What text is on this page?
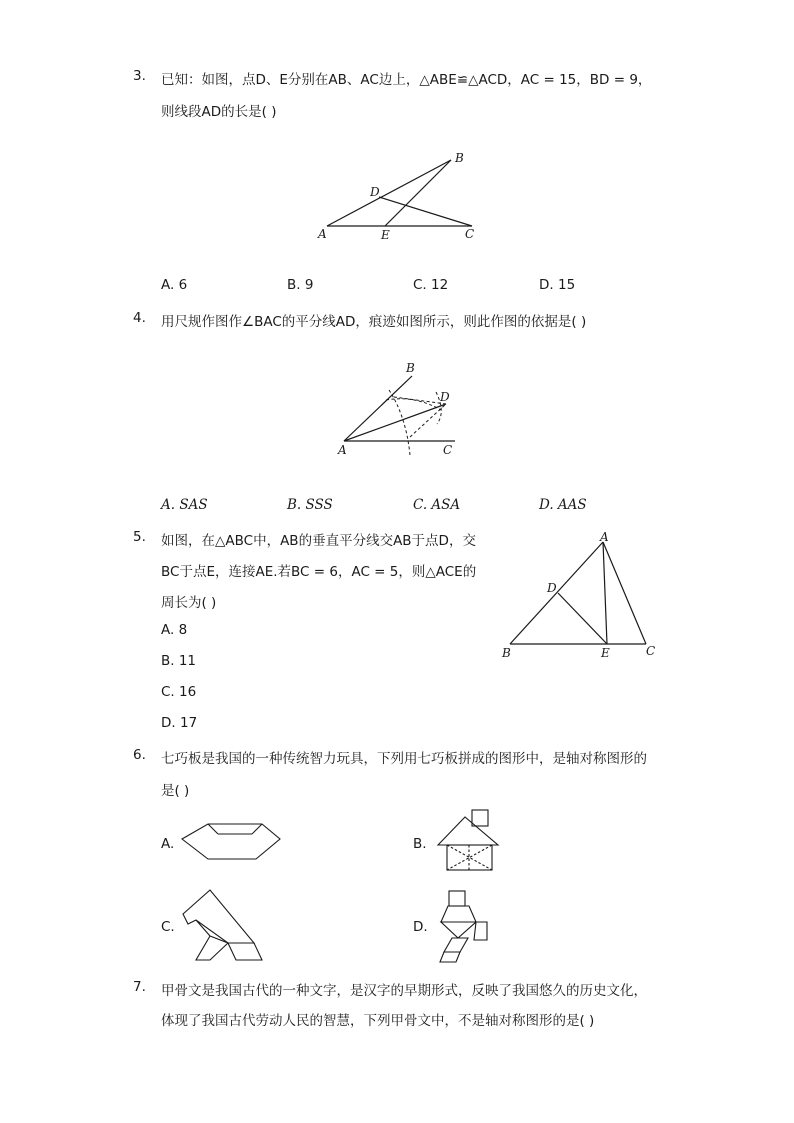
3. 已知：如图，点D、E分别在AB、AC边上，△ABE≌△ACD，AC = 15，BD = 9，
则线段AD的长是( )
A
B
C
D
E
A. 6	B. 9	C. 12	D. 15
4. 用尺规作图作∠BAC的平分线AD，痕迹如图所示，则此作图的依据是( )
A
B
C
D
A. SAS	B. SSS	C. ASA	D. AAS
5. 如图，在△ABC中，AB的垂直平分线交AB于点D，交
BC于点E，连接AE.若BC = 6，AC = 5，则△ACE的
周长为( )
A
B	C
D
E
A. 8
B. 11
C. 16
D. 17
6. 七巧板是我国的一种传统智力玩具，下列用七巧板拼成的图形中，是轴对称图形的
是( )
A.	B.
C.	D.
7. 甲骨文是我国古代的一种文字，是汉字的早期形式，反映了我国悠久的历史文化，
体现了我国古代劳动人民的智慧，下列甲骨文中，不是轴对称图形的是( )
